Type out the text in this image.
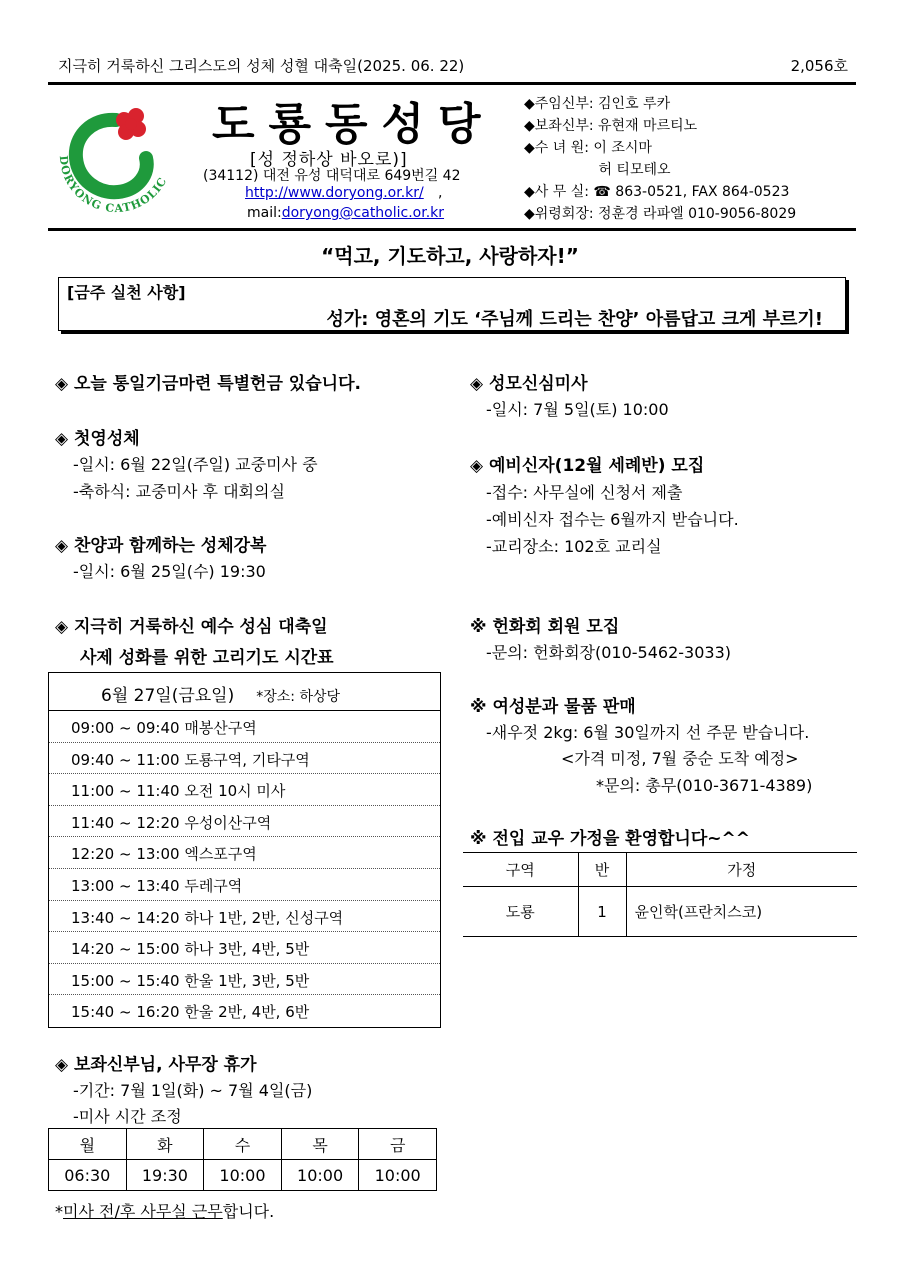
지극히 거룩하신 그리스도의 성체 성혈 대축일(2025. 06. 22)	2,056호
DORYONG CATHOLIC
도룡동성당
[성 정하상 바오로)]
(34112) 대전 유성 대덕대로 649번길 42
http://www.doryong.or.kr/ ,
mail:doryong@catholic.or.kr
◆주임신부: 김인호 루카
◆보좌신부: 유현재 마르티노
◆수 녀 원: 이 조시마
　　　　　 허 티모테오
◆사 무 실: ☎ 863-0521, FAX 864-0523
◆위령회장: 정훈경 라파엘 010-9056-8029
“먹고, 기도하고, 사랑하자!”
[금주 실천 사항]
성가: 영혼의 기도 ‘주님께 드리는 찬양’ 아름답고 크게 부르기!
◈ 오늘 통일기금마련 특별헌금 있습니다.
◈ 첫영성체
-일시: 6월 22일(주일) 교중미사 중
-축하식: 교중미사 후 대회의실
◈ 찬양과 함께하는 성체강복
-일시: 6월 25일(수) 19:30
◈ 지극히 거룩하신 예수 성심 대축일
사제 성화를 위한 고리기도 시간표
6월 27일(금요일) *장소: 하상당
09:00 ~ 09:40 매봉산구역
09:40 ~ 11:00 도룡구역, 기타구역
11:00 ~ 11:40 오전 10시 미사
11:40 ~ 12:20 우성이산구역
12:20 ~ 13:00 엑스포구역
13:00 ~ 13:40 두레구역
13:40 ~ 14:20 하나 1반, 2반, 신성구역
14:20 ~ 15:00 하나 3반, 4반, 5반
15:00 ~ 15:40 한울 1반, 3반, 5반
15:40 ~ 16:20 한울 2반, 4반, 6반
◈ 보좌신부님, 사무장 휴가
-기간: 7월 1일(화) ~ 7월 4일(금)
-미사 시간 조정
월	화	수	목	금
06:30	19:30	10:00	10:00	10:00
*미사 전/후 사무실 근무합니다.
◈ 성모신심미사
-일시: 7월 5일(토) 10:00
◈ 예비신자(12월 세례반) 모집
-접수: 사무실에 신청서 제출
-예비신자 접수는 6월까지 받습니다.
-교리장소: 102호 교리실
※ 헌화회 회원 모집
-문의: 헌화회장(010-5462-3033)
※ 여성분과 물품 판매
-새우젓 2kg: 6월 30일까지 선 주문 받습니다.
<가격 미정, 7월 중순 도착 예정>
*문의: 총무(010-3671-4389)
※ 전입 교우 가정을 환영합니다~^^
구역	반	가정
도룡	1	윤인학(프란치스코)
